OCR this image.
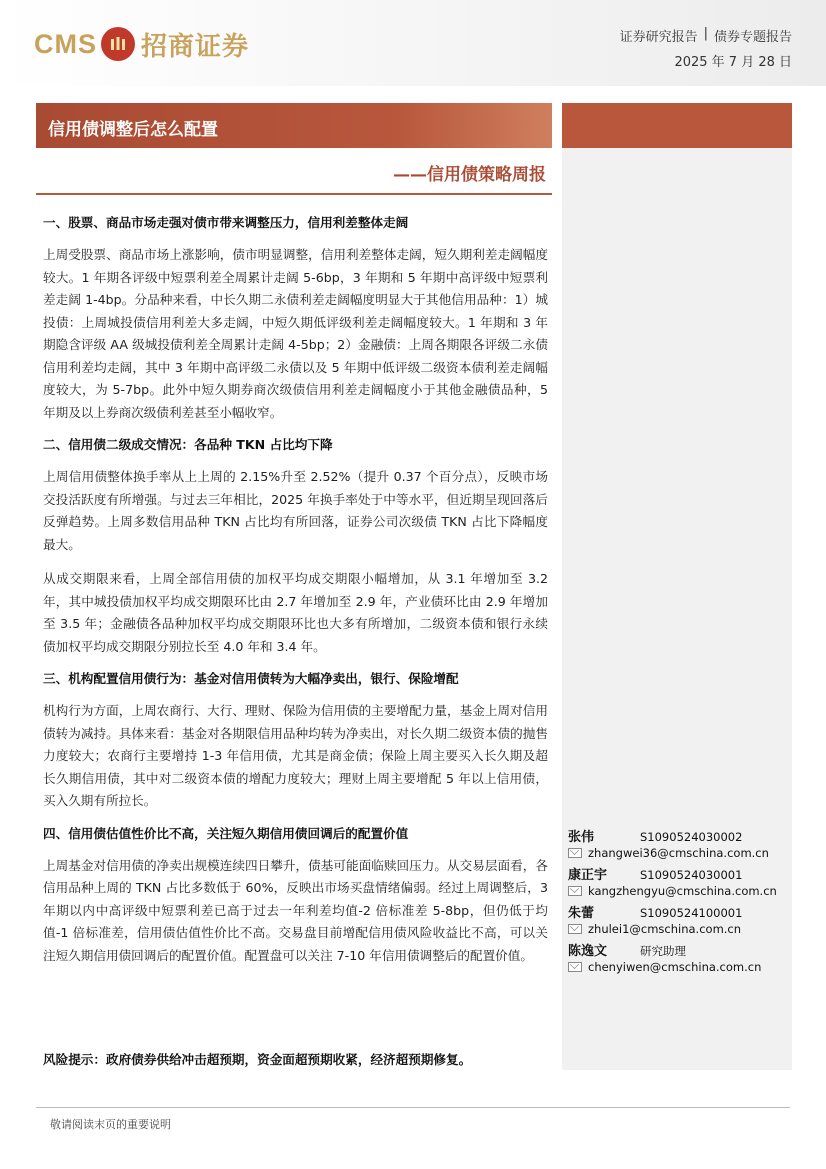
CMS 招商证券	证券研究报告 | 债券专题报告
2025 年 7 月 28 日
信用债调整后怎么配置
——信用债策略周报
一、股票、商品市场走强对债市带来调整压力，信用利差整体走阔
上周受股票、商品市场上涨影响，债市明显调整，信用利差整体走阔，短久期利差走阔幅度较大。1 年期各评级中短票利差全周累计走阔 5-6bp，3 年期和 5 年期中高评级中短票利差走阔 1-4bp。分品种来看，中长久期二永债利差走阔幅度明显大于其他信用品种：1）城投债：上周城投债信用利差大多走阔，中短久期低评级利差走阔幅度较大。1 年期和 3 年期隐含评级 AA 级城投债利差全周累计走阔 4-5bp；2）金融债：上周各期限各评级二永债信用利差均走阔，其中 3 年期中高评级二永债以及 5 年期中低评级二级资本债利差走阔幅度较大，为 5-7bp。此外中短久期券商次级债信用利差走阔幅度小于其他金融债品种，5 年期及以上券商次级债利差甚至小幅收窄。
二、信用债二级成交情况：各品种 TKN 占比均下降
上周信用债整体换手率从上上周的 2.15%升至 2.52%（提升 0.37 个百分点），反映市场交投活跃度有所增强。与过去三年相比，2025 年换手率处于中等水平，但近期呈现回落后反弹趋势。上周多数信用品种 TKN 占比均有所回落，证券公司次级债 TKN 占比下降幅度最大。
从成交期限来看，上周全部信用债的加权平均成交期限小幅增加，从 3.1 年增加至 3.2 年，其中城投债加权平均成交期限环比由 2.7 年增加至 2.9 年，产业债环比由 2.9 年增加至 3.5 年；金融债各品种加权平均成交期限环比也大多有所增加，二级资本债和银行永续债加权平均成交期限分别拉长至 4.0 年和 3.4 年。
三、机构配置信用债行为：基金对信用债转为大幅净卖出，银行、保险增配
机构行为方面，上周农商行、大行、理财、保险为信用债的主要增配力量，基金上周对信用债转为减持。具体来看：基金对各期限信用品种均转为净卖出，对长久期二级资本债的抛售力度较大；农商行主要增持 1-3 年信用债，尤其是商金债；保险上周主要买入长久期及超长久期信用债，其中对二级资本债的增配力度较大；理财上周主要增配 5 年以上信用债，买入久期有所拉长。
四、信用债估值性价比不高，关注短久期信用债回调后的配置价值
上周基金对信用债的净卖出规模连续四日攀升，债基可能面临赎回压力。从交易层面看，各信用品种上周的 TKN 占比多数低于 60%，反映出市场买盘情绪偏弱。经过上周调整后，3 年期以内中高评级中短票利差已高于过去一年利差均值-2 倍标准差 5-8bp，但仍低于均值-1 倍标准差，信用债估值性价比不高。交易盘目前增配信用债风险收益比不高，可以关注短久期信用债回调后的配置价值。配置盘可以关注 7-10 年信用债调整后的配置价值。
风险提示：政府债券供给冲击超预期，资金面超预期收紧，经济超预期修复。
张伟	S1090524030002
zhangwei36@cmschina.com.cn
康正宇	S1090524030001
kangzhengyu@cmschina.com.cn
朱蕾	S1090524100001
zhulei1@cmschina.com.cn
陈逸文	研究助理
chenyiwen@cmschina.com.cn
敬请阅读末页的重要说明
